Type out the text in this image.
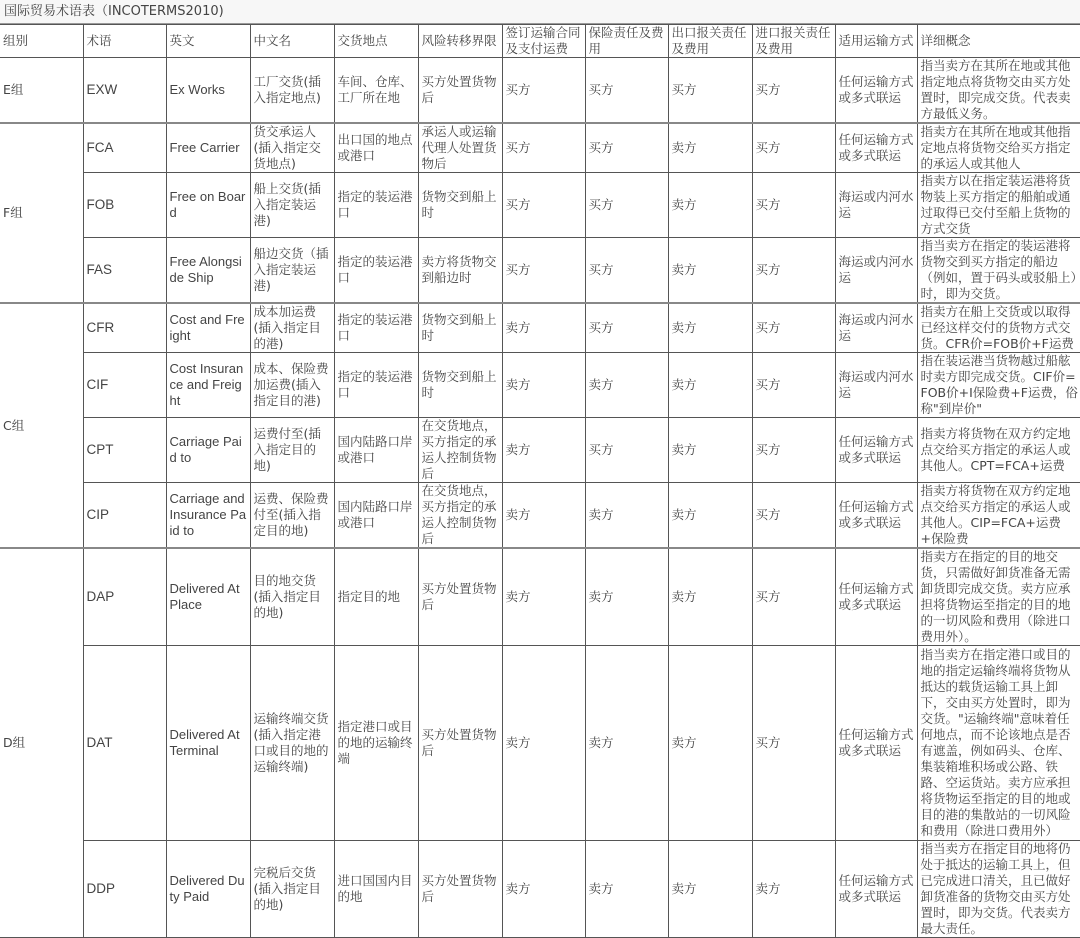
国际贸易术语表（INCOTERMS2010)
组别	术语	英文	中文名	交货地点	风险转移界限	签订运输合同及支付运费	保险责任及费用	出口报关责任及费用	进口报关责任及费用	适用运输方式	详细概念
E组	EXW	Ex Works	工厂交货(插入指定地点)	车间、仓库、工厂所在地	买方处置货物后	买方	买方	买方	买方	任何运输方式或多式联运	指当卖方在其所在地或其他指定地点将货物交由买方处置时，即完成交货。代表卖方最低义务。
F组	FCA	Free Carrier	货交承运人(插入指定交货地点)	出口国的地点或港口	承运人或运输代理人处置货物后	买方	买方	卖方	买方	任何运输方式或多式联运	指卖方在其所在地或其他指定地点将货物交给买方指定的承运人或其他人
	FOB	Free on Board	船上交货(插入指定装运港)	指定的装运港口	货物交到船上时	买方	买方	卖方	买方	海运或内河水运	指卖方以在指定装运港将货物装上买方指定的船舶或通过取得已交付至船上货物的方式交货
	FAS	Free Alongside Ship	船边交货（插入指定装运港)	指定的装运港口	卖方将货物交到船边时	买方	买方	卖方	买方	海运或内河水运	指当卖方在指定的装运港将货物交到买方指定的船边（例如，置于码头或驳船上）时，即为交货。
C组	CFR	Cost and Freight	成本加运费(插入指定目的港)	指定的装运港口	货物交到船上时	卖方	买方	卖方	买方	海运或内河水运	指卖方在船上交货或以取得已经这样交付的货物方式交货。CFR价=FOB价+F运费
	CIF	Cost Insurance and Freight	成本、保险费加运费(插入指定目的港)	指定的装运港口	货物交到船上时	卖方	卖方	卖方	买方	海运或内河水运	指在装运港当货物越过船舷时卖方即完成交货。CIF价=FOB价+I保险费+F运费，俗称"到岸价"
	CPT	Carriage Paid to	运费付至(插入指定目的地)	国内陆路口岸或港口	在交货地点，买方指定的承运人控制货物后	卖方	买方	卖方	买方	任何运输方式或多式联运	指卖方将货物在双方约定地点交给买方指定的承运人或其他人。CPT=FCA+运费
	CIP	Carriage and Insurance Paid to	运费、保险费付至(插入指定目的地)	国内陆路口岸或港口	在交货地点，买方指定的承运人控制货物后	卖方	卖方	卖方	买方	任何运输方式或多式联运	指卖方将货物在双方约定地点交给买方指定的承运人或其他人。CIP=FCA+运费+保险费
D组	DAP	Delivered At Place	目的地交货(插入指定目的地)	指定目的地	买方处置货物后	卖方	卖方	卖方	买方	任何运输方式或多式联运	指卖方在指定的目的地交货，只需做好卸货准备无需卸货即完成交货。卖方应承担将货物运至指定的目的地的一切风险和费用（除进口费用外）。
	DAT	Delivered At Terminal	运输终端交货(插入指定港口或目的地的运输终端)	指定港口或目的地的运输终端	买方处置货物后	卖方	卖方	卖方	买方	任何运输方式或多式联运	指当卖方在指定港口或目的地的指定运输终端将货物从抵达的载货运输工具上卸下，交由买方处置时，即为交货。"运输终端"意味着任何地点，而不论该地点是否有遮盖，例如码头、仓库、集装箱堆积场或公路、铁路、空运货站。卖方应承担将货物运至指定的目的地或目的港的集散站的一切风险和费用（除进口费用外）
	DDP	Delivered Duty Paid	完税后交货(插入指定目的地)	进口国国内目的地	买方处置货物后	卖方	卖方	卖方	卖方	任何运输方式或多式联运	指当卖方在指定目的地将仍处于抵达的运输工具上，但已完成进口清关，且已做好卸货准备的货物交由买方处置时，即为交货。代表卖方最大责任。
